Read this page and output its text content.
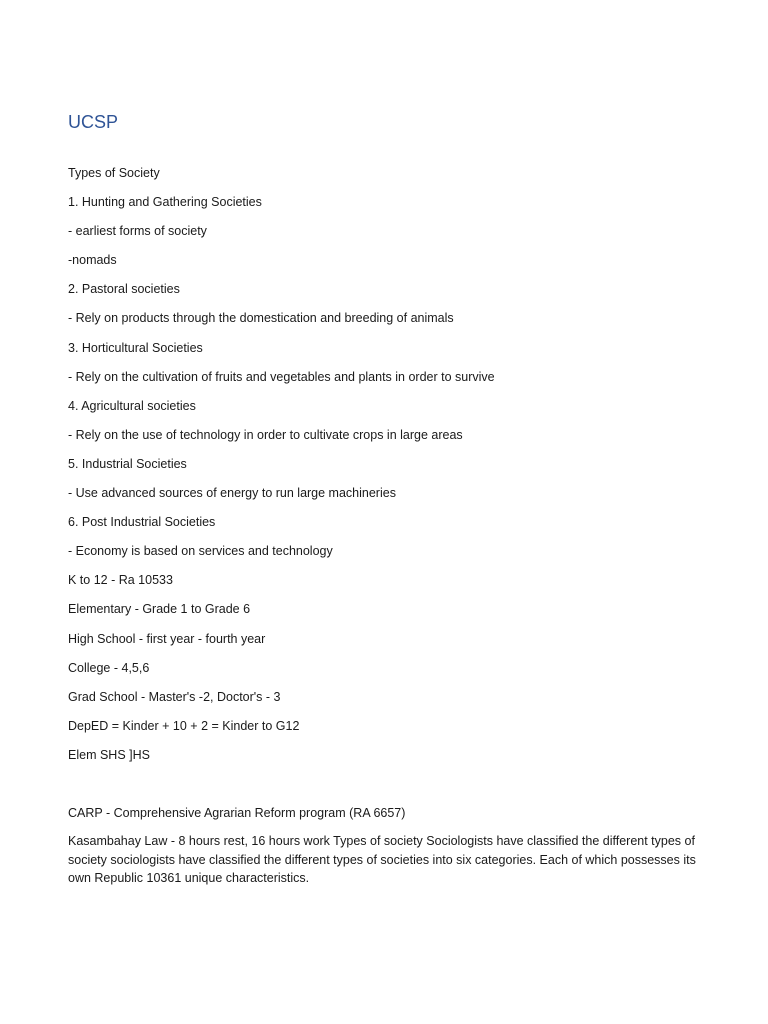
UCSP

Types of Society

1. Hunting and Gathering Societies

- earliest forms of society

-nomads

2. Pastoral societies

- Rely on products through the domestication and breeding of animals

3. Horticultural Societies

- Rely on the cultivation of fruits and vegetables and plants in order to survive

4. Agricultural societies

- Rely on the use of technology in order to cultivate crops in large areas

5. Industrial Societies

- Use advanced sources of energy to run large machineries

6. Post Industrial Societies

- Economy is based on services and technology

K to 12 - Ra 10533

Elementary - Grade 1 to Grade 6

High School - first year - fourth year

College - 4,5,6

Grad School - Master's -2, Doctor's - 3

DepED = Kinder + 10 + 2 = Kinder to G12

Elem SHS ]HS

CARP - Comprehensive Agrarian Reform program (RA 6657)

Kasambahay Law - 8 hours rest, 16 hours work Types of society Sociologists have classified the different types of society sociologists have classified the different types of societies into six categories. Each of which possesses its own Republic 10361 unique characteristics.
